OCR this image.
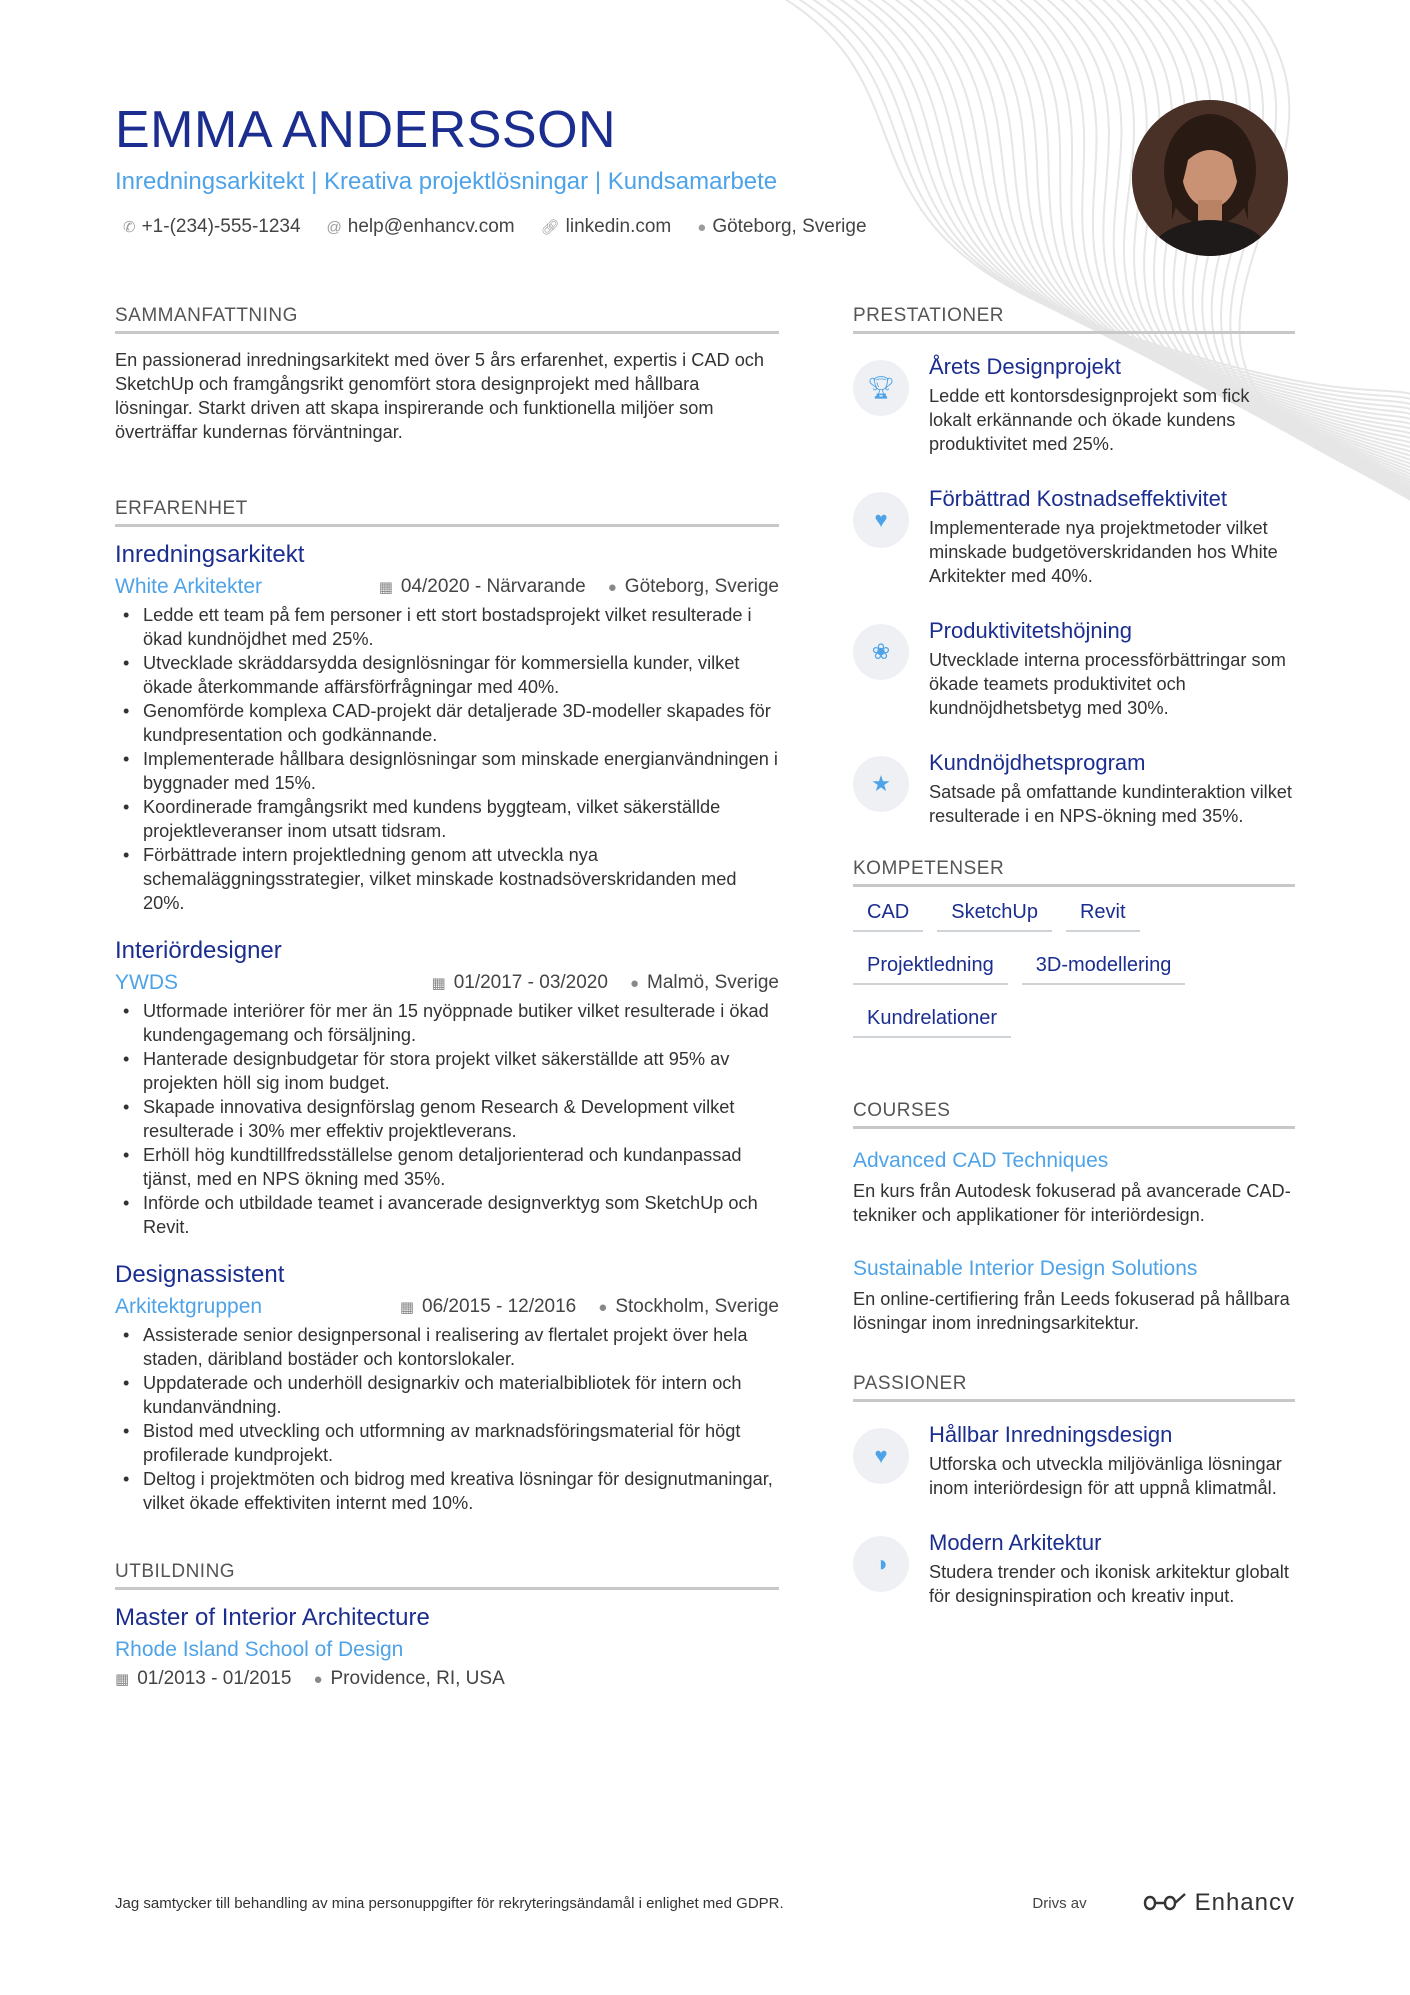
EMMA ANDERSSON
Inredningsarkitekt | Kreativa projektlösningar | Kundsamarbete
✆ +1-(234)-555-1234 @ help@enhancv.com 🔗︎ linkedin.com ● Göteborg, Sverige
SAMMANFATTNING
En passionerad inredningsarkitekt med över 5 års erfarenhet, expertis i CAD och SketchUp och framgångsrikt genomfört stora designprojekt med hållbara lösningar. Starkt driven att skapa inspirerande och funktionella miljöer som överträffar kundernas förväntningar.
ERFARENHET
Inredningsarkitekt
White Arkitekter	▦ 04/2020 - Närvarande ● Göteborg, Sverige
• Ledde ett team på fem personer i ett stort bostadsprojekt vilket resulterade i ökad kundnöjdhet med 25%.
• Utvecklade skräddarsydda designlösningar för kommersiella kunder, vilket ökade återkommande affärsförfrågningar med 40%.
• Genomförde komplexa CAD-projekt där detaljerade 3D-modeller skapades för kundpresentation och godkännande.
• Implementerade hållbara designlösningar som minskade energianvändningen i byggnader med 15%.
• Koordinerade framgångsrikt med kundens byggteam, vilket säkerställde projektleveranser inom utsatt tidsram.
• Förbättrade intern projektledning genom att utveckla nya schemaläggningsstrategier, vilket minskade kostnadsöverskridanden med 20%.
Interiördesigner
YWDS	▦ 01/2017 - 03/2020 ● Malmö, Sverige
• Utformade interiörer för mer än 15 nyöppnade butiker vilket resulterade i ökad kundengagemang och försäljning.
• Hanterade designbudgetar för stora projekt vilket säkerställde att 95% av projekten höll sig inom budget.
• Skapade innovativa designförslag genom Research & Development vilket resulterade i 30% mer effektiv projektleverans.
• Erhöll hög kundtillfredsställelse genom detaljorienterad och kundanpassad tjänst, med en NPS ökning med 35%.
• Införde och utbildade teamet i avancerade designverktyg som SketchUp och Revit.
Designassistent
Arkitektgruppen	▦ 06/2015 - 12/2016 ● Stockholm, Sverige
• Assisterade senior designpersonal i realisering av flertalet projekt över hela staden, däribland bostäder och kontorslokaler.
• Uppdaterade och underhöll designarkiv och materialbibliotek för intern och kundanvändning.
• Bistod med utveckling och utformning av marknadsföringsmaterial för högt profilerade kundprojekt.
• Deltog i projektmöten och bidrog med kreativa lösningar för designutmaningar, vilket ökade effektiviten internt med 10%.
UTBILDNING
Master of Interior Architecture
Rhode Island School of Design
▦ 01/2013 - 01/2015 ● Providence, RI, USA
PRESTATIONER
🏆︎
Årets Designprojekt
Ledde ett kontorsdesignprojekt som fick lokalt erkännande och ökade kundens produktivitet med 25%.
♥
Förbättrad Kostnadseffektivitet
Implementerade nya projektmetoder vilket minskade budgetöverskridanden hos White Arkitekter med 40%.
❀
Produktivitetshöjning
Utvecklade interna processförbättringar som ökade teamets produktivitet och kundnöjdhetsbetyg med 30%.
★
Kundnöjdhetsprogram
Satsade på omfattande kundinteraktion vilket resulterade i en NPS-ökning med 35%.
KOMPETENSER
CAD	SketchUp	Revit
Projektledning	3D-modellering
Kundrelationer
COURSES
Advanced CAD Techniques
En kurs från Autodesk fokuserad på avancerade CAD-tekniker och applikationer för interiördesign.
Sustainable Interior Design Solutions
En online-certifiering från Leeds fokuserad på hållbara lösningar inom inredningsarkitektur.
PASSIONER
♥
Hållbar Inredningsdesign
Utforska och utveckla miljövänliga lösningar inom interiördesign för att uppnå klimatmål.
◑
Modern Arkitektur
Studera trender och ikonisk arkitektur globalt för designinspiration och kreativ input.
Jag samtycker till behandling av mina personuppgifter för rekryteringsändamål i enlighet med GDPR.	Drivs av	Enhancv
